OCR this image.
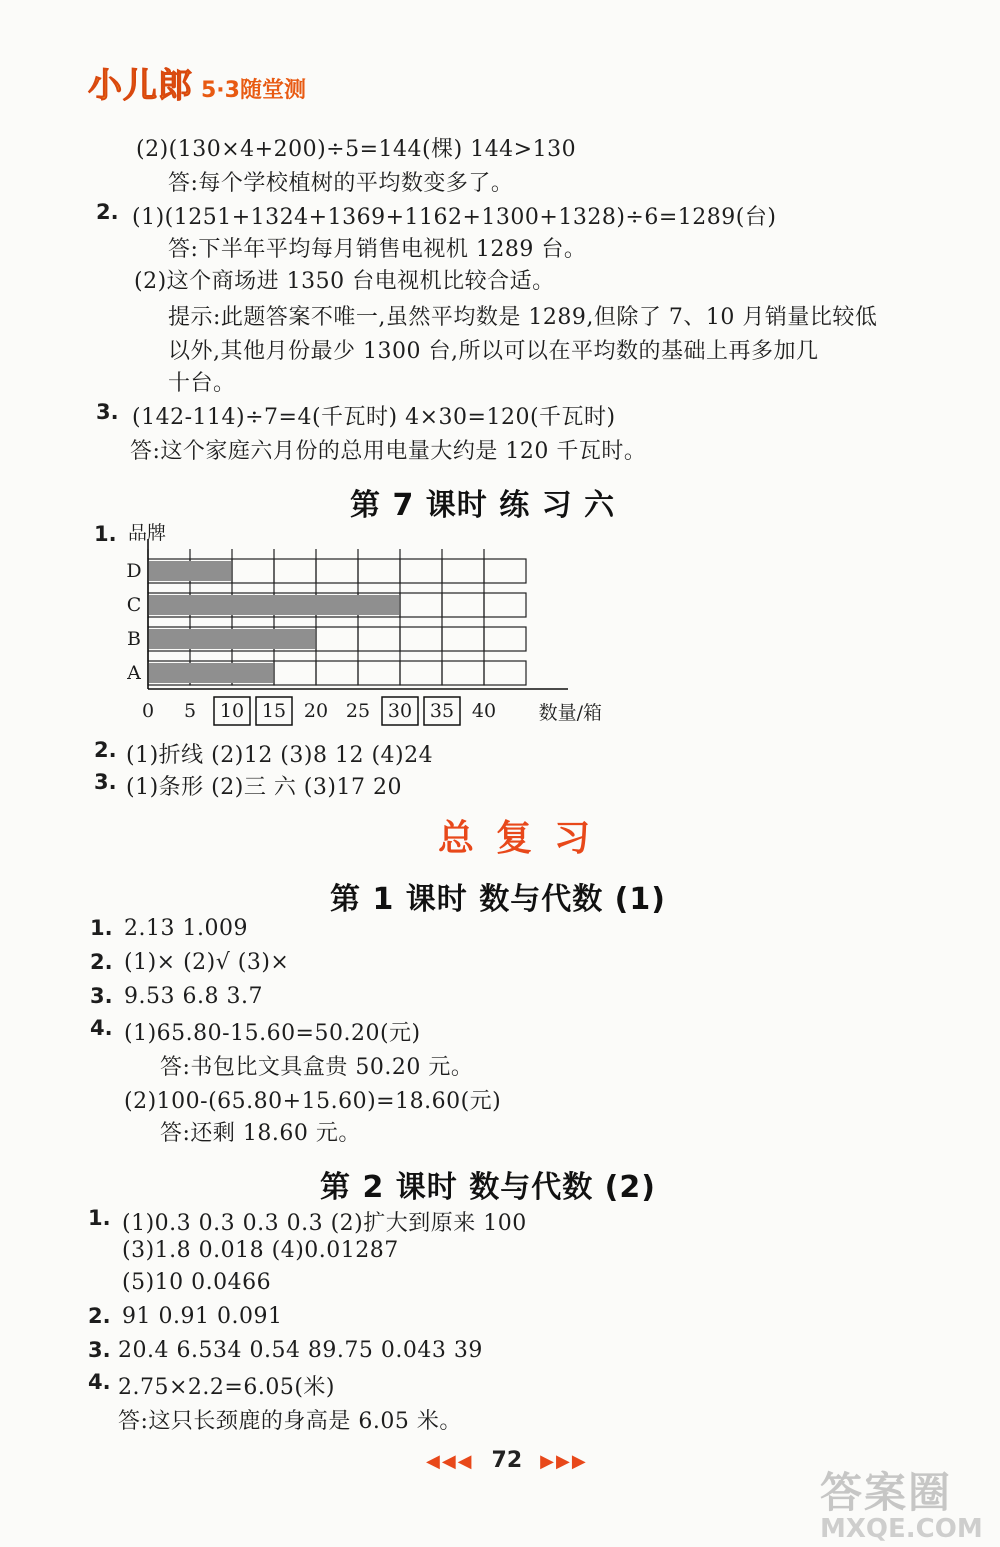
小儿郎 5·3随堂测
(2)(130×4+200)÷5=144(棵) 144>130
答:每个学校植树的平均数变多了。
2. (1)(1251+1324+1369+1162+1300+1328)÷6=1289(台)
答:下半年平均每月销售电视机 1289 台。
(2)这个商场进 1350 台电视机比较合适。
提示:此题答案不唯一,虽然平均数是 1289,但除了 7、10 月销量比较低
以外,其他月份最少 1300 台,所以可以在平均数的基础上再多加几
十台。
3. (142-114)÷7=4(千瓦时) 4×30=120(千瓦时)
答:这个家庭六月份的总用电量大约是 120 千瓦时。
第 7 课时 练 习 六
1. 品牌
D
C
B
A
0 5 10 15 20 25 30 35 40 数量/箱
2. (1)折线 (2)12 (3)8 12 (4)24
3. (1)条形 (2)三 六 (3)17 20
总复习
第 1 课时 数与代数 (1)
1. 2.13 1.009
2. (1)× (2)√ (3)×
3. 9.53 6.8 3.7
4. (1)65.80-15.60=50.20(元)
答:书包比文具盒贵 50.20 元。
(2)100-(65.80+15.60)=18.60(元)
答:还剩 18.60 元。
第 2 课时 数与代数 (2)
1. (1)0.3 0.3 0.3 0.3 (2)扩大到原来 100
(3)1.8 0.018 (4)0.01287
(5)10 0.0466
2. 91 0.91 0.091
3. 20.4 6.534 0.54 89.75 0.043 39
4. 2.75×2.2=6.05(米)
答:这只长颈鹿的身高是 6.05 米。
◀◀◀ 72 ▶▶▶
答案圈
MXQE.COM
